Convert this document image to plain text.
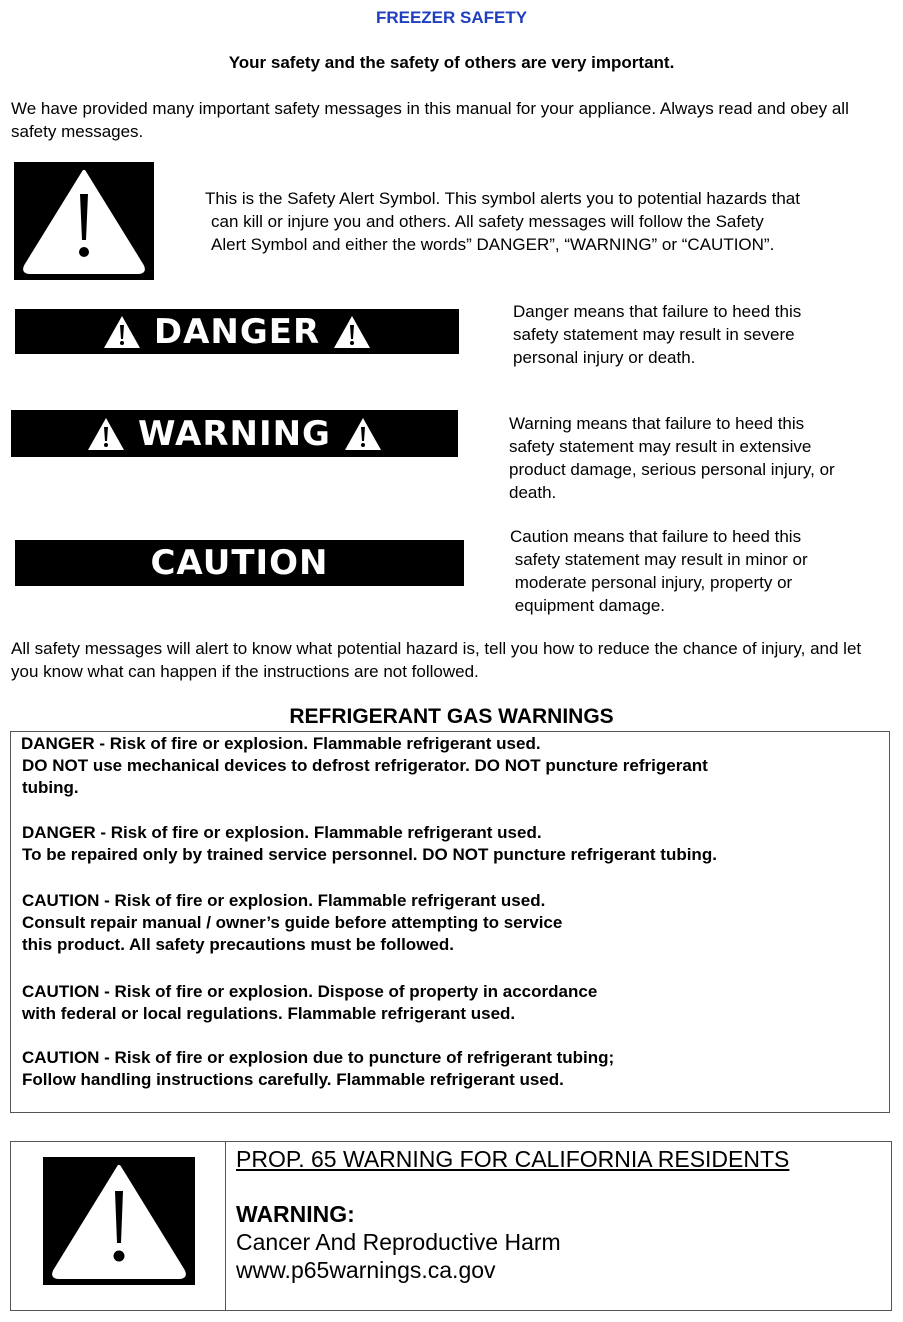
FREEZER SAFETY
Your safety and the safety of others are very important.
We have provided many important safety messages in this manual for your appliance. Always read and obey all safety messages.
This is the Safety Alert Symbol. This symbol alerts you to potential hazards that
can kill or injure you and others. All safety messages will follow the Safety
Alert Symbol and either the words” DANGER”, “WARNING” or “CAUTION”.
DANGER	Danger means that failure to heed this
safety statement may result in severe
personal injury or death.
WARNING	Warning means that failure to heed this
safety statement may result in extensive
product damage, serious personal injury, or
death.
CAUTION
Caution means that failure to heed this
safety statement may result in minor or
moderate personal injury, property or
equipment damage.
All safety messages will alert to know what potential hazard is, tell you how to reduce the chance of injury, and let you know what can happen if the instructions are not followed.
REFRIGERANT GAS WARNINGS
DANGER - Risk of fire or explosion. Flammable refrigerant used.
DO NOT use mechanical devices to defrost refrigerator. DO NOT puncture refrigerant
tubing.
DANGER - Risk of fire or explosion. Flammable refrigerant used.
To be repaired only by trained service personnel. DO NOT puncture refrigerant tubing.
CAUTION - Risk of fire or explosion. Flammable refrigerant used.
Consult repair manual / owner’s guide before attempting to service
this product. All safety precautions must be followed.
CAUTION - Risk of fire or explosion. Dispose of property in accordance
with federal or local regulations. Flammable refrigerant used.
CAUTION - Risk of fire or explosion due to puncture of refrigerant tubing;
Follow handling instructions carefully. Flammable refrigerant used.
PROP. 65 WARNING FOR CALIFORNIA RESIDENTS
WARNING:
Cancer And Reproductive Harm
www.p65warnings.ca.gov
